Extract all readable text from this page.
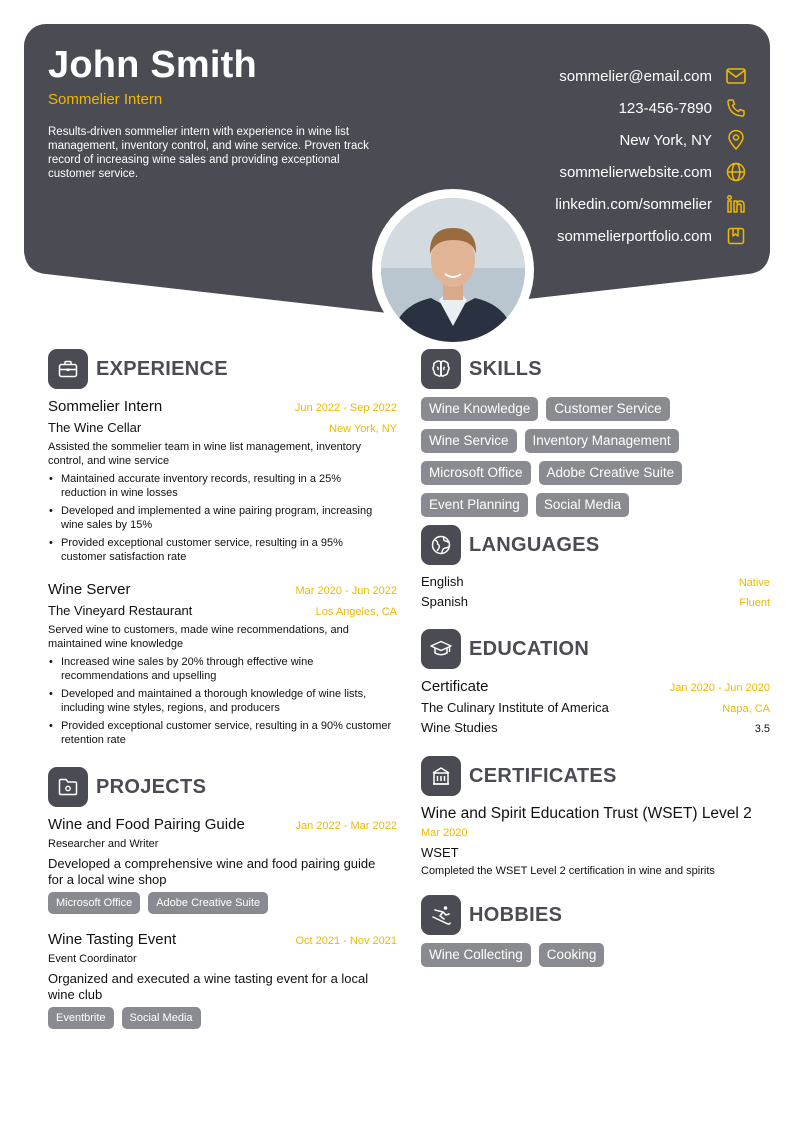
John Smith
Sommelier Intern
Results-driven sommelier intern with experience in wine list management, inventory control, and wine service. Proven track record of increasing wine sales and providing exceptional customer service.
sommelier@email.com
123-456-7890
New York, NY
sommelierwebsite.com
linkedin.com/sommelier
sommelierportfolio.com
EXPERIENCE
Sommelier Intern	Jun 2022 - Sep 2022
The Wine Cellar	New York, NY
Assisted the sommelier team in wine list management, inventory control, and wine service
• Maintained accurate inventory records, resulting in a 25% reduction in wine losses
• Developed and implemented a wine pairing program, increasing wine sales by 15%
• Provided exceptional customer service, resulting in a 95% customer satisfaction rate
Wine Server	Mar 2020 - Jun 2022
The Vineyard Restaurant	Los Angeles, CA
Served wine to customers, made wine recommendations, and maintained wine knowledge
• Increased wine sales by 20% through effective wine recommendations and upselling
• Developed and maintained a thorough knowledge of wine lists, including wine styles, regions, and producers
• Provided exceptional customer service, resulting in a 90% customer retention rate
PROJECTS
Wine and Food Pairing Guide	Jan 2022 - Mar 2022
Researcher and Writer
Developed a comprehensive wine and food pairing guide for a local wine shop
Microsoft Office	Adobe Creative Suite
Wine Tasting Event	Oct 2021 - Nov 2021
Event Coordinator
Organized and executed a wine tasting event for a local wine club
Eventbrite	Social Media
SKILLS
Wine Knowledge	Customer Service
Wine Service	Inventory Management
Microsoft Office	Adobe Creative Suite
Event Planning	Social Media
LANGUAGES
English	Native
Spanish	Fluent
EDUCATION
Certificate	Jan 2020 - Jun 2020
The Culinary Institute of America	Napa, CA
Wine Studies	3.5
CERTIFICATES
Wine and Spirit Education Trust (WSET) Level 2
Mar 2020
WSET
Completed the WSET Level 2 certification in wine and spirits
HOBBIES
Wine Collecting	Cooking
